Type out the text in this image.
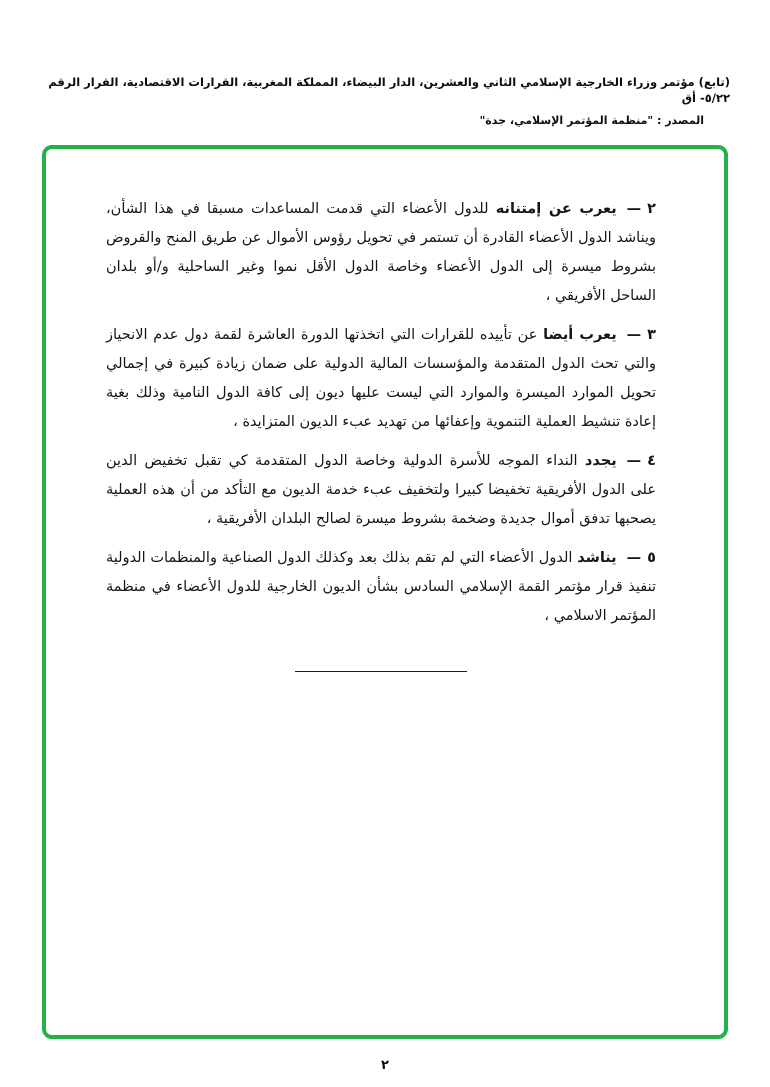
(تابع) مؤتمر وزراء الخارجية الإسلامي الثاني والعشرين، الدار البيضاء، المملكة المغربية، القرارات الاقتصادية، القرار الرقم ٥/٢٢- أق
المصدر : "منظمة المؤتمر الإسلامي، جدة"

٢—يعرب عن إمتنانه للدول الأعضاء التي قدمت المساعدات مسبقا في هذا الشأن، ويناشد الدول الأعضاء القادرة أن تستمر في تحويل رؤوس الأموال عن طريق المنح والقروض بشروط ميسرة إلى الدول الأعضاء وخاصة الدول الأقل نموا وغير الساحلية و/أو بلدان الساحل الأفريقي ،

٣—يعرب أيضا عن تأييده للقرارات التي اتخذتها الدورة العاشرة لقمة دول عدم الانحياز والتي تحث الدول المتقدمة والمؤسسات المالية الدولية على ضمان زيادة كبيرة في إجمالي تحويل الموارد الميسرة والموارد التي ليست عليها ديون إلى كافة الدول النامية وذلك بغية إعادة تنشيط العملية التنموية وإعفائها من تهديد عبء الديون المتزايدة ،

٤—يجدد النداء الموجه للأسرة الدولية وخاصة الدول المتقدمة كي تقبل تخفيض الدين على الدول الأفريقية تخفيضا كبيرا ولتخفيف عبء خدمة الديون مع التأكد من أن هذه العملية يصحبها تدفق أموال جديدة وضخمة بشروط ميسرة لصالح البلدان الأفريقية ،

٥—يناشد الدول الأعضاء التي لم تقم بذلك بعد وكذلك الدول الصناعية والمنظمات الدولية تنفيذ قرار مؤتمر القمة الإسلامي السادس بشأن الديون الخارجية للدول الأعضاء في منظمة المؤتمر الاسلامي ،

٢
